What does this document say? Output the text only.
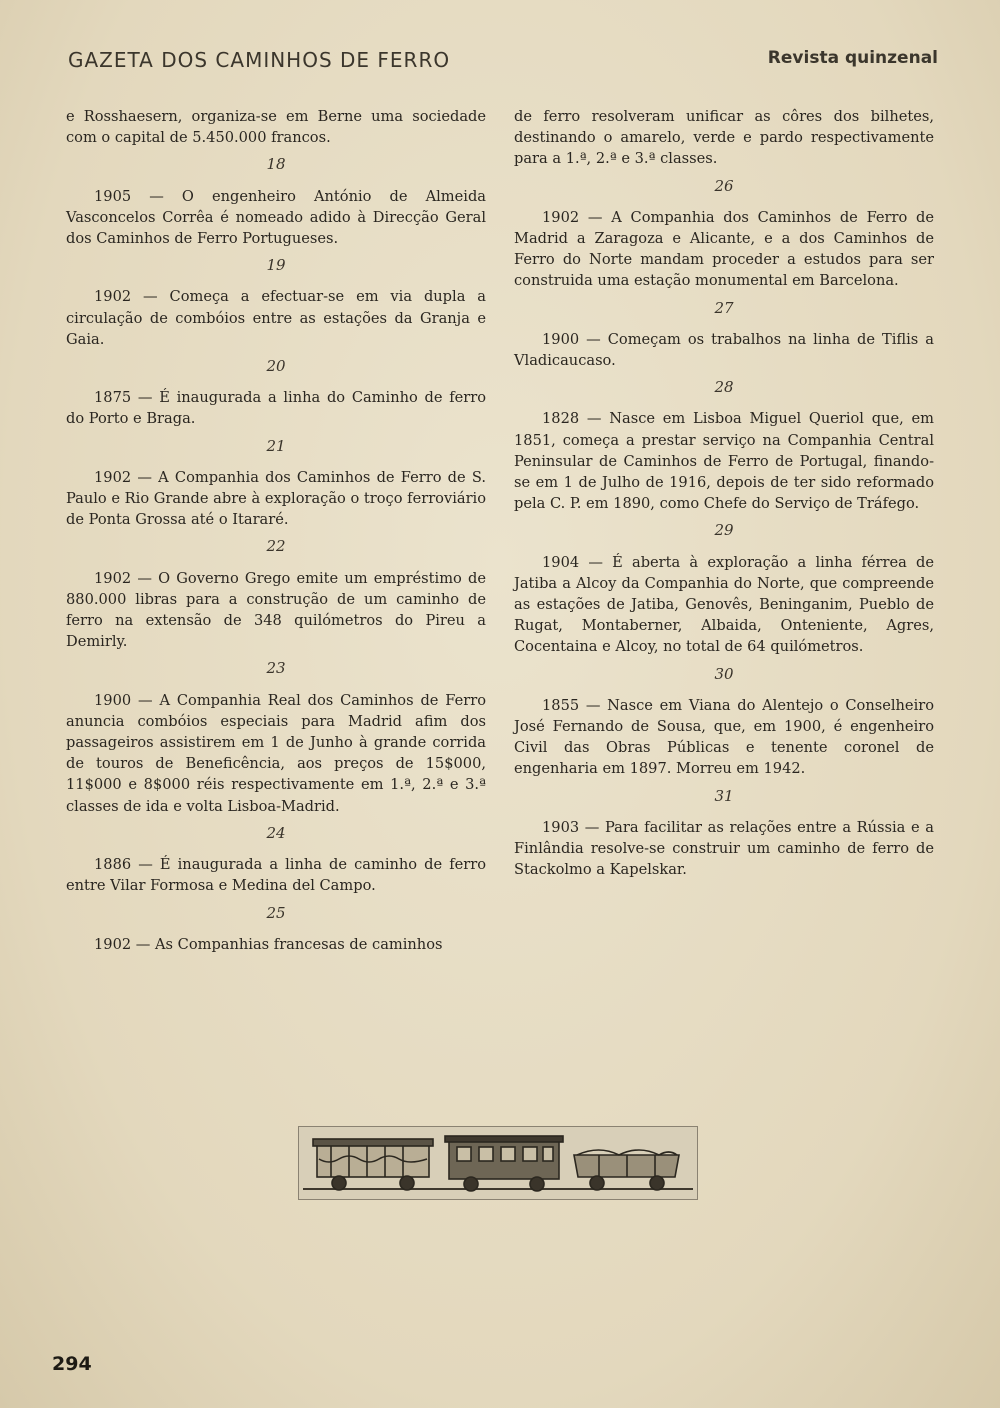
GAZETA DOS CAMINHOS DE FERRO	Revista quinzenal

e Rosshaesern, organiza-se em Berne uma sociedade com o capital de 5.450.000 francos.

18

1905 — O engenheiro António de Almeida Vasconcelos Corrêa é nomeado adido à Direcção Geral dos Caminhos de Ferro Portugueses.

19

1902 — Começa a efectuar-se em via dupla a circulação de combóios entre as estações da Granja e Gaia.

20

1875 — É inaugurada a linha do Caminho de ferro do Porto e Braga.

21

1902 — A Companhia dos Caminhos de Ferro de S. Paulo e Rio Grande abre à exploração o troço ferroviário de Ponta Grossa até o Itararé.

22

1902 — O Governo Grego emite um empréstimo de 880.000 libras para a construção de um caminho de ferro na extensão de 348 quilómetros do Pireu a Demirly.

23

1900 — A Companhia Real dos Caminhos de Ferro anuncia combóios especiais para Madrid afim dos passageiros assistirem em 1 de Junho à grande corrida de touros de Beneficência, aos preços de 15$000, 11$000 e 8$000 réis respectivamente em 1.ª, 2.ª e 3.ª classes de ida e volta Lisboa-Madrid.

24

1886 — É inaugurada a linha de caminho de ferro entre Vilar Formosa e Medina del Campo.

25

1902 — As Companhias francesas de caminhos

de ferro resolveram unificar as côres dos bilhetes, destinando o amarelo, verde e pardo respectivamente para a 1.ª, 2.ª e 3.ª classes.

26

1902 — A Companhia dos Caminhos de Ferro de Madrid a Zaragoza e Alicante, e a dos Caminhos de Ferro do Norte mandam proceder a estudos para ser construida uma estação monumental em Barcelona.

27

1900 — Começam os trabalhos na linha de Tiflis a Vladicaucaso.

28

1828 — Nasce em Lisboa Miguel Queriol que, em 1851, começa a prestar serviço na Companhia Central Peninsular de Caminhos de Ferro de Portugal, finando-se em 1 de Julho de 1916, depois de ter sido reformado pela C. P. em 1890, como Chefe do Serviço de Tráfego.

29

1904 — É aberta à exploração a linha férrea de Jatiba a Alcoy da Companhia do Norte, que compreende as estações de Jatiba, Genovês, Beninganim, Pueblo de Rugat, Montaberner, Albaida, Onteniente, Agres, Cocentaina e Alcoy, no total de 64 quilómetros.

30

1855 — Nasce em Viana do Alentejo o Conselheiro José Fernando de Sousa, que, em 1900, é engenheiro Civil das Obras Públicas e tenente coronel de engenharia em 1897. Morreu em 1942.

31

1903 — Para facilitar as relações entre a Rússia e a Finlândia resolve-se construir um caminho de ferro de Stackolmo a Kapelskar.

294
